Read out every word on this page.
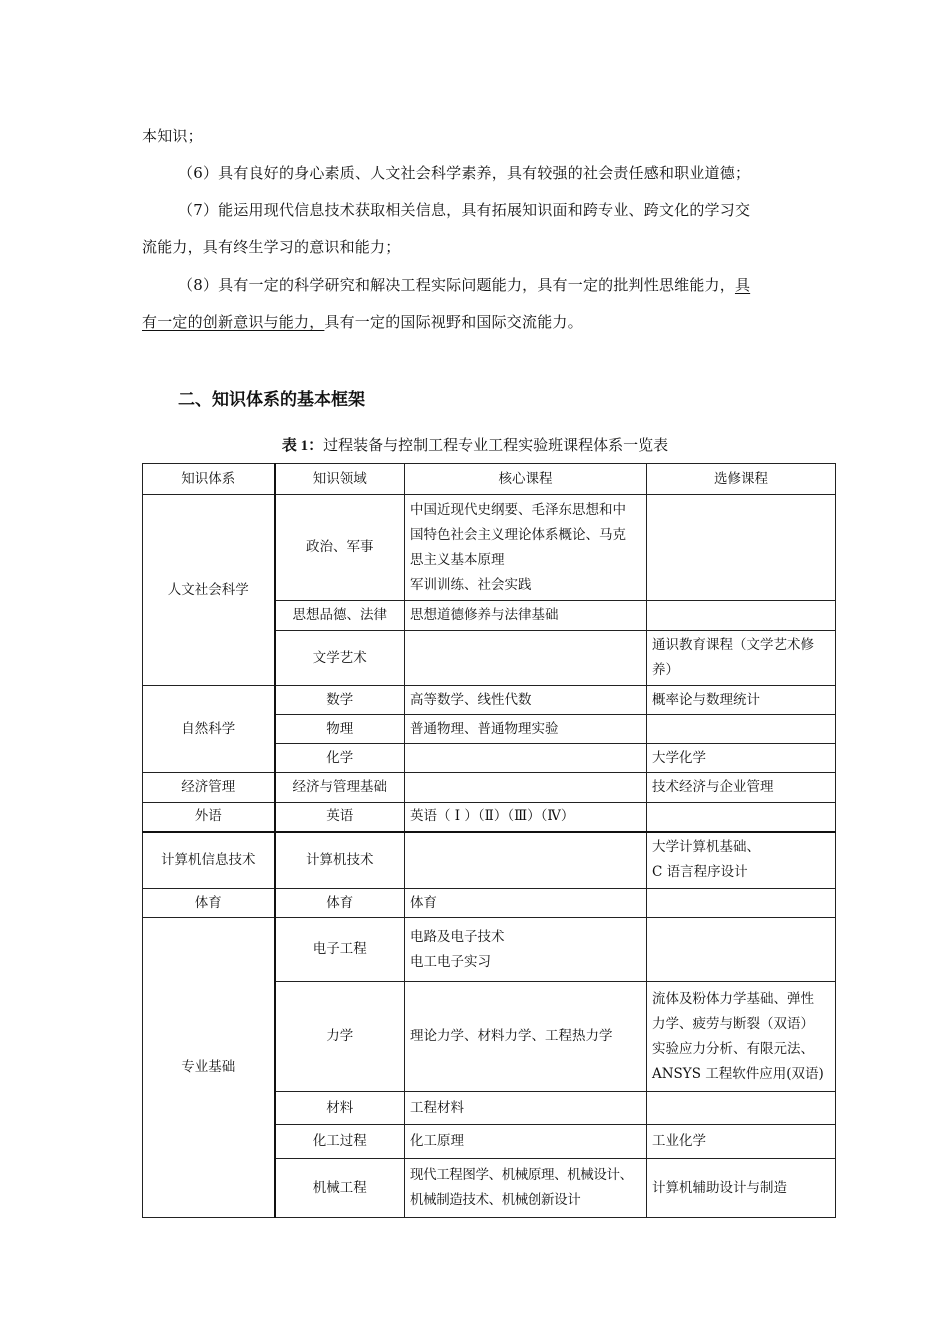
本知识；
（6）具有良好的身心素质、人文社会科学素养，具有较强的社会责任感和职业道德；
（7）能运用现代信息技术获取相关信息，具有拓展知识面和跨专业、跨文化的学习交
流能力，具有终生学习的意识和能力；
（8）具有一定的科学研究和解决工程实际问题能力，具有一定的批判性思维能力，具
有一定的创新意识与能力，具有一定的国际视野和国际交流能力。
二、知识体系的基本框架
表 1：过程装备与控制工程专业工程实验班课程体系一览表
知识体系	知识领域	核心课程	选修课程
人文社会科学	政治、军事	中国近现代史纲要、毛泽东思想和中
国特色社会主义理论体系概论、马克
思主义基本原理
军训训练、社会实践	

	思想品德、法律	思想道德修养与法律基础	
	文学艺术		通识教育课程（文学艺术修
养）

自然科学	数学	高等数学、线性代数	概率论与数理统计
	物理	普通物理、普通物理实验	
	化学		大学化学
经济管理	经济与管理基础		技术经济与企业管理
外语	英语	英语（ Ⅰ ）（Ⅱ）（Ⅲ）（Ⅳ）	
计算机信息技术	计算机技术		大学计算机基础、
C 语言程序设计

体育	体育	体育	
专业基础	电子工程	电路及电子技术
电工电子实习	

	力学	理论力学、材料力学、工程热力学	流体及粉体力学基础、弹性
力学、疲劳与断裂（双语）
实验应力分析、有限元法、
ANSYS 工程软件应用(双语)

	材料	工程材料	
	化工过程	化工原理	工业化学
	机械工程	现代工程图学、机械原理、机械设计、
机械制造技术、机械创新设计	计算机辅助设计与制造
